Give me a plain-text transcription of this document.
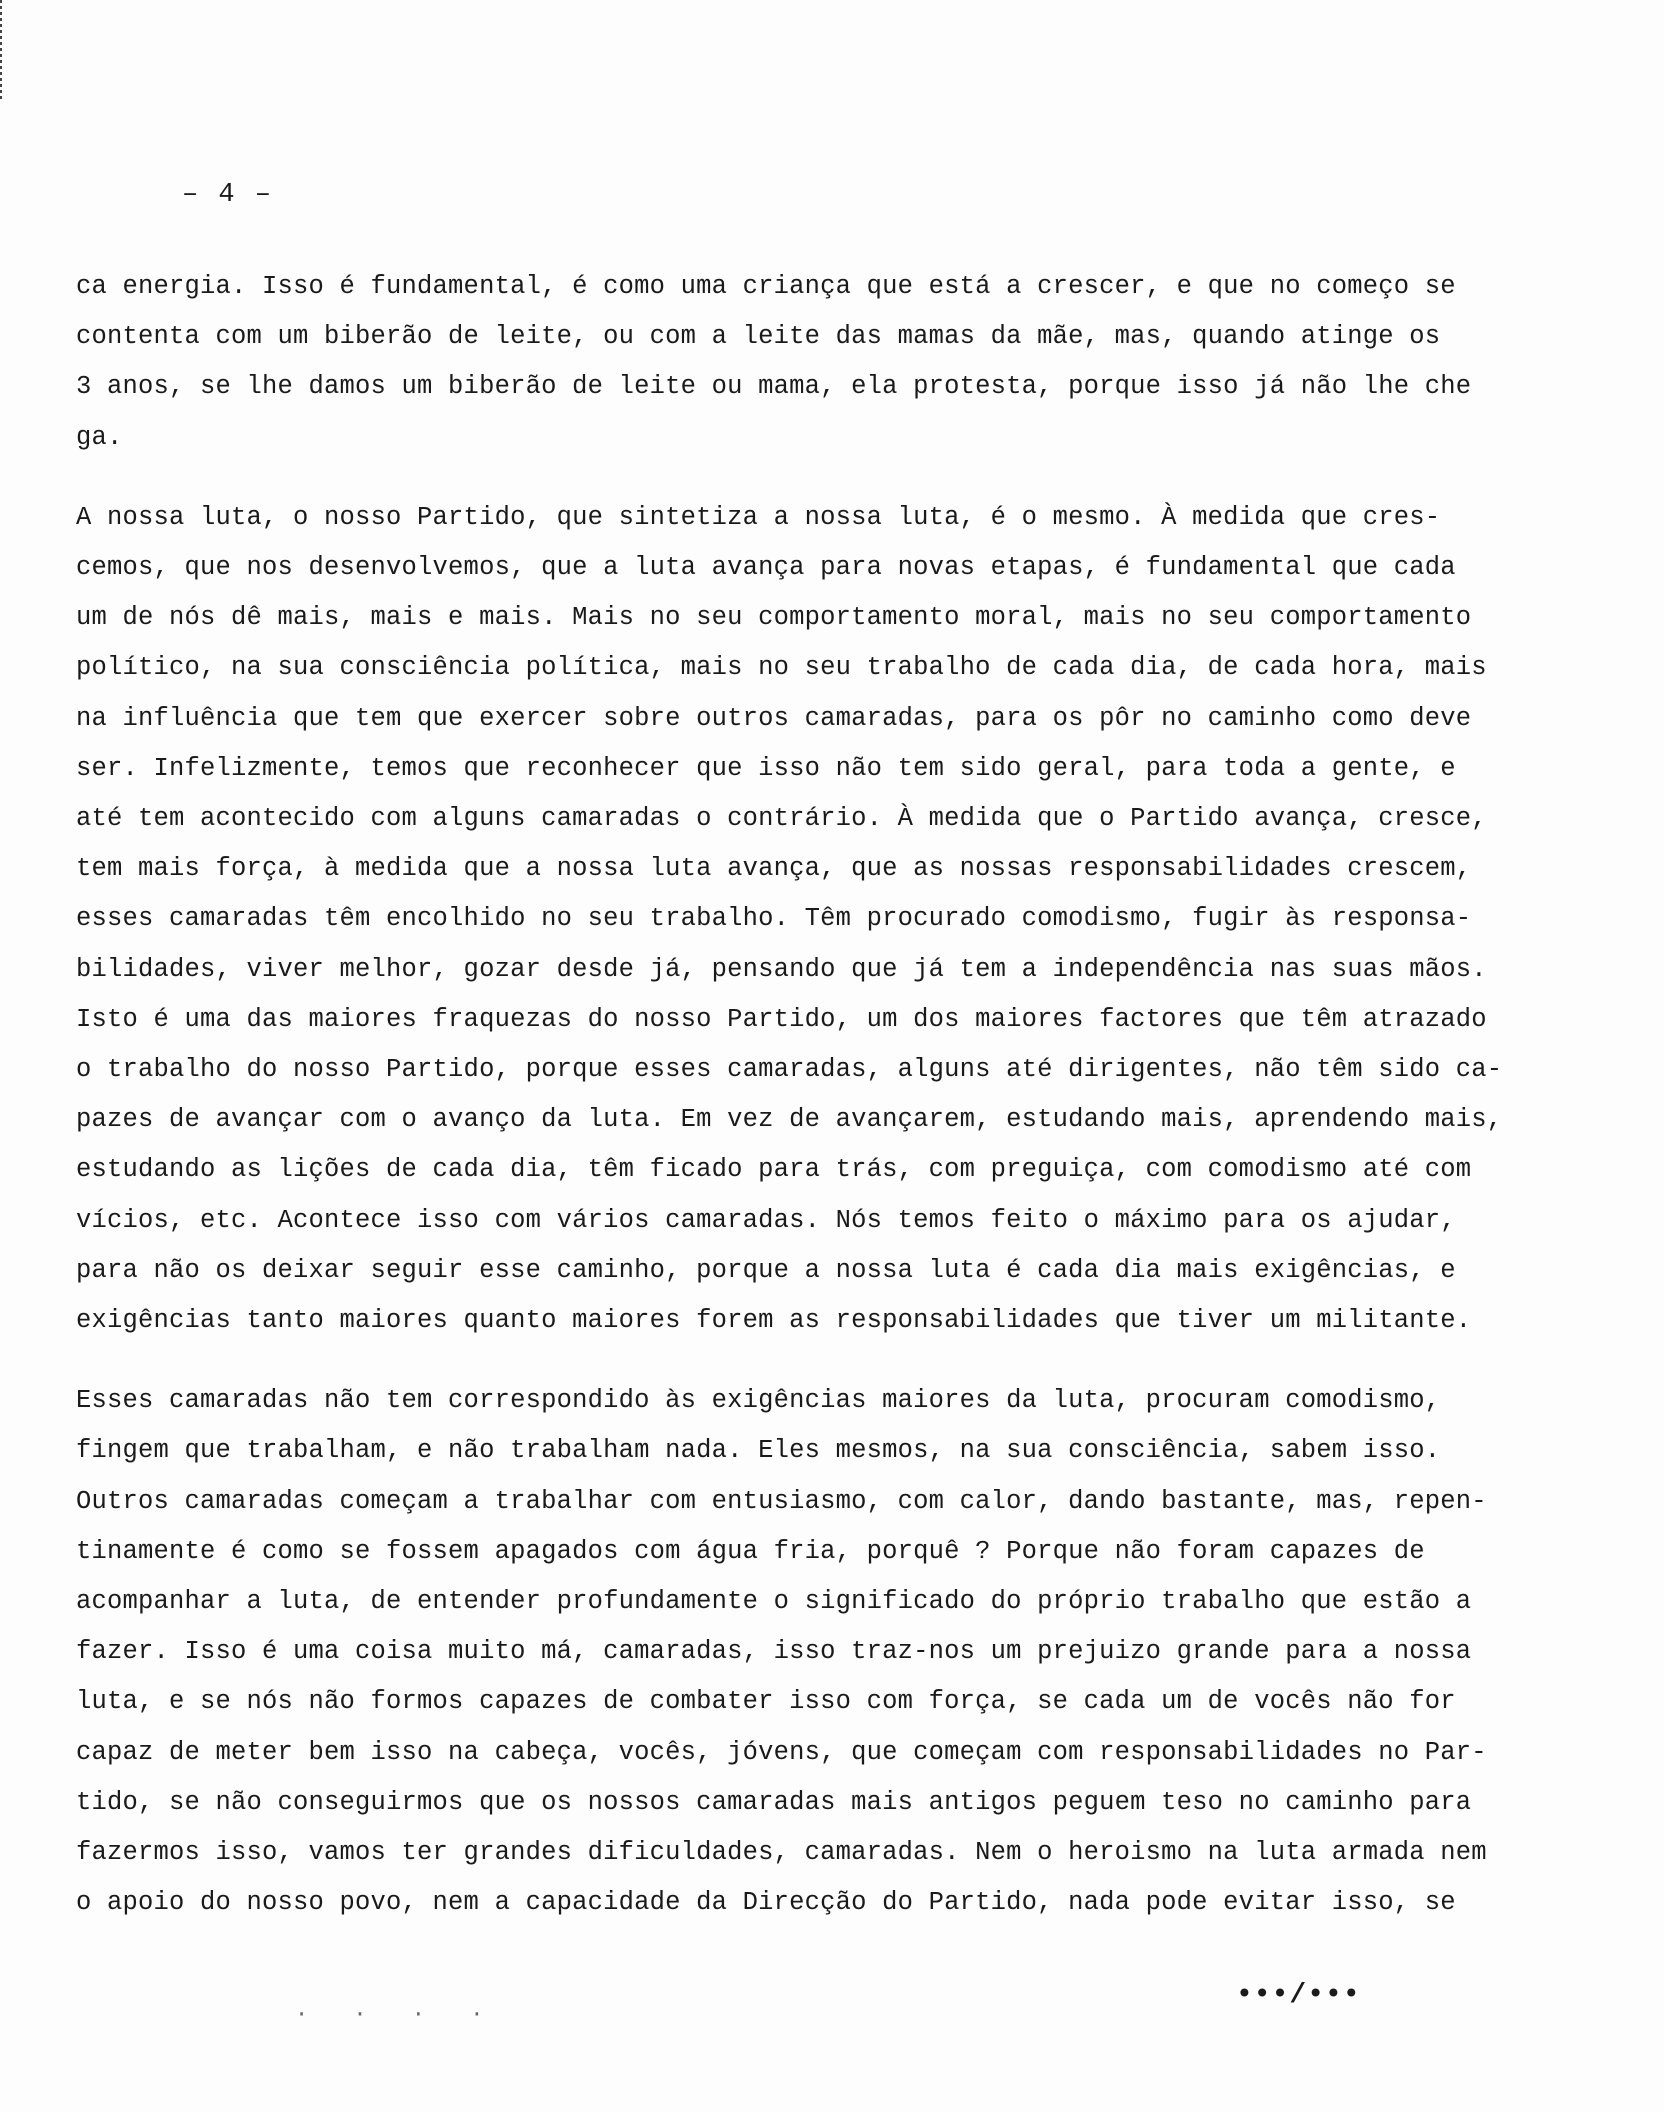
– 4 –
ca energia. Isso é fundamental, é como uma criança que está a crescer, e que no começo se
contenta com um biberão de leite, ou com a leite das mamas da mãe, mas, quando atinge os
3 anos, se lhe damos um biberão de leite ou mama, ela protesta, porque isso já não lhe che
ga.
A nossa luta, o nosso Partido, que sintetiza a nossa luta, é o mesmo. À medida que cres-
cemos, que nos desenvolvemos, que a luta avança para novas etapas, é fundamental que cada
um de nós dê mais, mais e mais. Mais no seu comportamento moral, mais no seu comportamento
político, na sua consciência política, mais no seu trabalho de cada dia, de cada hora, mais
na influência que tem que exercer sobre outros camaradas, para os pôr no caminho como deve
ser. Infelizmente, temos que reconhecer que isso não tem sido geral, para toda a gente, e
até tem acontecido com alguns camaradas o contrário. À medida que o Partido avança, cresce,
tem mais força, à medida que a nossa luta avança, que as nossas responsabilidades crescem,
esses camaradas têm encolhido no seu trabalho. Têm procurado comodismo, fugir às responsa-
bilidades, viver melhor, gozar desde já, pensando que já tem a independência nas suas mãos.
Isto é uma das maiores fraquezas do nosso Partido, um dos maiores factores que têm atrazado
o trabalho do nosso Partido, porque esses camaradas, alguns até dirigentes, não têm sido ca-
pazes de avançar com o avanço da luta. Em vez de avançarem, estudando mais, aprendendo mais,
estudando as lições de cada dia, têm ficado para trás, com preguiça, com comodismo até com
vícios, etc. Acontece isso com vários camaradas. Nós temos feito o máximo para os ajudar,
para não os deixar seguir esse caminho, porque a nossa luta é cada dia mais exigências, e
exigências tanto maiores quanto maiores forem as responsabilidades que tiver um militante.
Esses camaradas não tem correspondido às exigências maiores da luta, procuram comodismo,
fingem que trabalham, e não trabalham nada. Eles mesmos, na sua consciência, sabem isso.
Outros camaradas começam a trabalhar com entusiasmo, com calor, dando bastante, mas, repen-
tinamente é como se fossem apagados com água fria, porquê ? Porque não foram capazes de
acompanhar a luta, de entender profundamente o significado do próprio trabalho que estão a
fazer. Isso é uma coisa muito má, camaradas, isso traz-nos um prejuizo grande para a nossa
luta, e se nós não formos capazes de combater isso com força, se cada um de vocês não for
capaz de meter bem isso na cabeça, vocês, jóvens, que começam com responsabilidades no Par-
tido, se não conseguirmos que os nossos camaradas mais antigos peguem teso no caminho para
fazermos isso, vamos ter grandes dificuldades, camaradas. Nem o heroismo na luta armada nem
o apoio do nosso povo, nem a capacidade da Direcção do Partido, nada pode evitar isso, se
· · · ·
•••/•••
